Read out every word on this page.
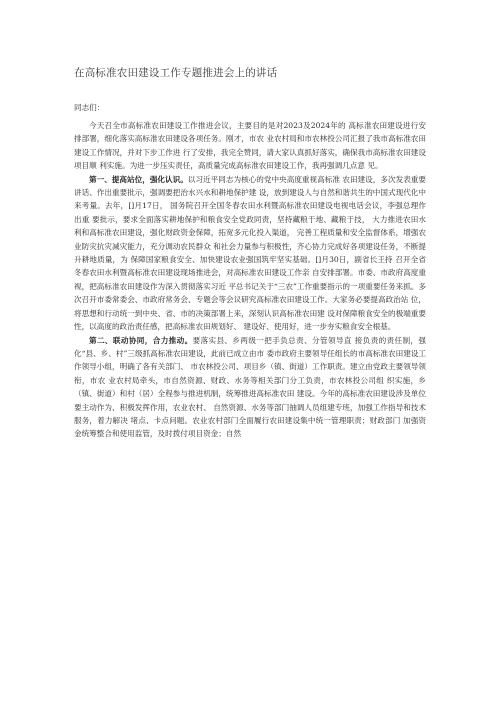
在高标准农田建设工作专题推进会上的讲话

同志们：

今天召全市高标准农田建设工作推进会议，主要目的是对2023及2024年的 高标准农田建设进行安排部署，细化落实高标准农田建设各项任务。刚才，市农 业农村局和市农林投公司汇报了我市高标准农田建设工作情况，并对下步工作进 行了安排，我完全赞同，请大家认真抓好落实，确保我市高标准农田建设项目顺 利实施。为进一步压实责任，高质量完成高标准农田建设工作，我再强调几点意 见。

第一、提高站位，强化认识。以习近平同志为核心的党中央高度重视高标准 农田建设，多次发表重要讲话、作出重要批示，强调要把治水兴水和耕地保护建 设，放到建设人与自然和谐共生的中国式现代化中来考量。去年，[]月17日， 国务院召开全国冬春农田水利暨高标准农田建设电视电话会议，李强总理作出重 要批示，要求全面落实耕地保护和粮食安全党政同责，坚持藏粮于地、藏粮于技， 大力推进农田水利和高标准农田建设，强化财政资金保障，拓宽多元化投入渠道， 完善工程质量和安全监督体系，增强农业防灾抗灾减灾能力，充分调动农民群众 和社会力量参与积极性，齐心协力完成好各项建设任务，不断提升耕地质量，为 保障国家粮食安全、加快建设农业强国筑牢坚实基础。[]月30日，副省长王持 召开全省冬春农田水利暨高标准农田建设现场推进会，对高标准农田建设工作亲 自安排部署。市委、市政府高度重视，把高标准农田建设作为深入贯彻落实习近 平总书记关于“三农”工作重要指示的一项重要任务来抓。多次召开市委常委会、市政府常务会、专题会等会议研究高标准农田建设工作。大家务必要提高政治站 位，将思想和行动统一到中央、省、市的决策部署上来，深刻认识高标准农田建 设对保障粮食安全的极端重要性，以高度的政治责任感，把高标准农田规划好、 建设好、使用好，进一步夯实粮食安全根基。

第二、联动协同，合力推动。要落实县、乡两级一把手负总责、分管领导直 接负责的责任制，强化“县、乡、村”三级抓高标准农田建设，此前已成立由市 委市政府主要领导任组长的市高标准农田建设工作领导小组，明确了各有关部门、 市农林投公司、项目乡（镇、街道）工作职责。建立由党政主要领导领衔，市农 业农村局牵头，市自然资源、财政、水务等相关部门分工负责，市农林投公司组 织实施，乡（镇、街道）和村（居）全程参与推进机制，统筹推进高标准农田 建设。今年的高标准农田建设涉及单位要主动作为、积极发挥作用，农业农村、 自然资源、水务等部门抽调人员组建专班，加强工作指导和技术服务，着力解决 堵点、卡点问题。农业农村部门全面履行农田建设集中统一管理职责；财政部门 加强资金统筹整合和使用监管，及时拨付项目资金；自然
